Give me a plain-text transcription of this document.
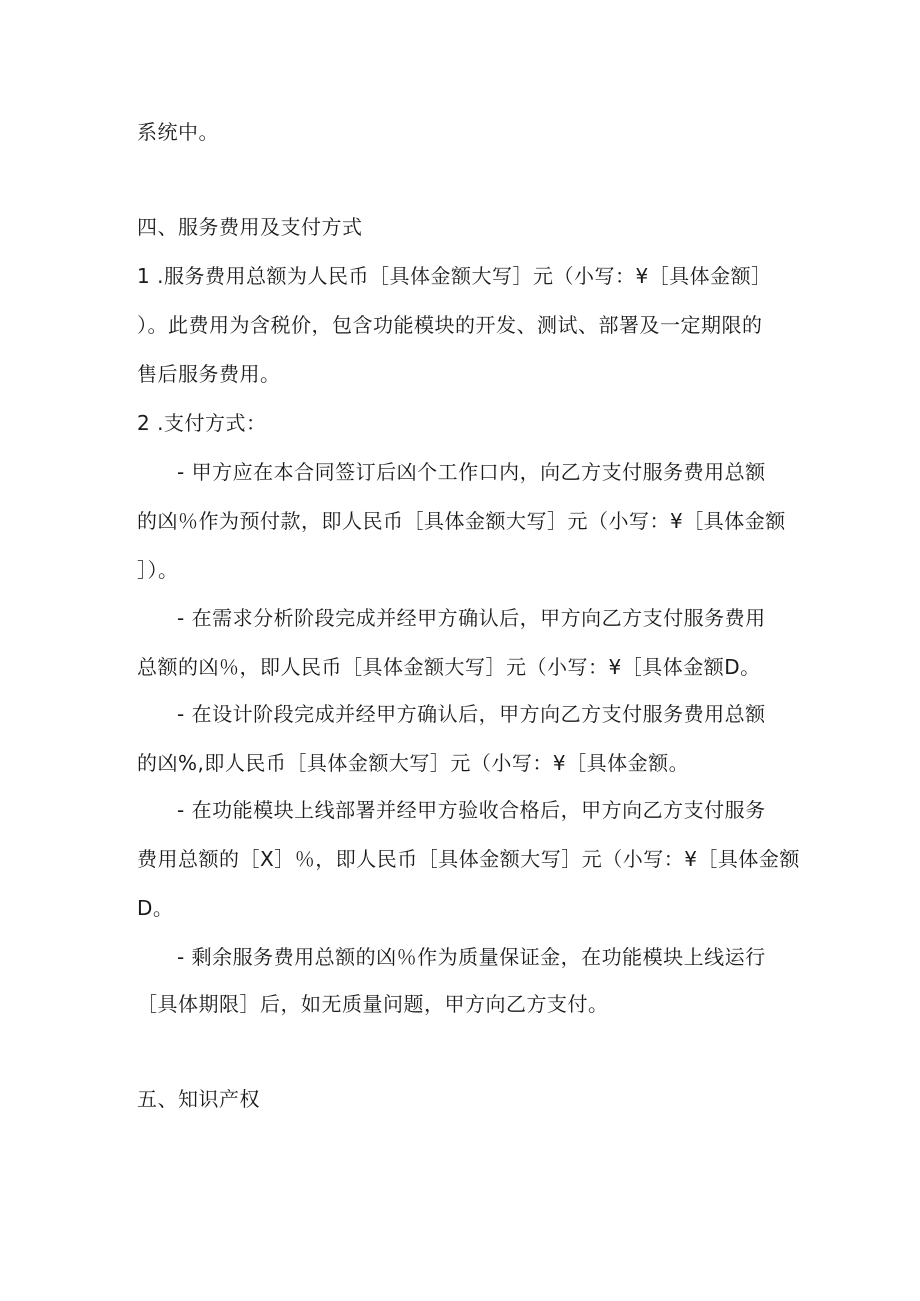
系统中。
四、服务费用及支付方式
1 .服务费用总额为人民币［具体金额大写］元（小写：¥［具体金额］
）。此费用为含税价，包含功能模块的开发、测试、部署及一定期限的
售后服务费用。
2 .支付方式：
- 甲方应在本合同签订后凶个工作口内，向乙方支付服务费用总额
的凶％作为预付款，即人民币［具体金额大写］元（小写：¥［具体金额
］）。
- 在需求分析阶段完成并经甲方确认后，甲方向乙方支付服务费用
总额的凶％，即人民币［具体金额大写］元（小写：¥［具体金额D。
- 在设计阶段完成并经甲方确认后，甲方向乙方支付服务费用总额
的凶%,即人民币［具体金额大写］元（小写：¥［具体金额。
- 在功能模块上线部署并经甲方验收合格后，甲方向乙方支付服务
费用总额的［X］％，即人民币［具体金额大写］元（小写：¥［具体金额
D。
- 剩余服务费用总额的凶％作为质量保证金，在功能模块上线运行
［具体期限］后，如无质量问题，甲方向乙方支付。
五、知识产权
